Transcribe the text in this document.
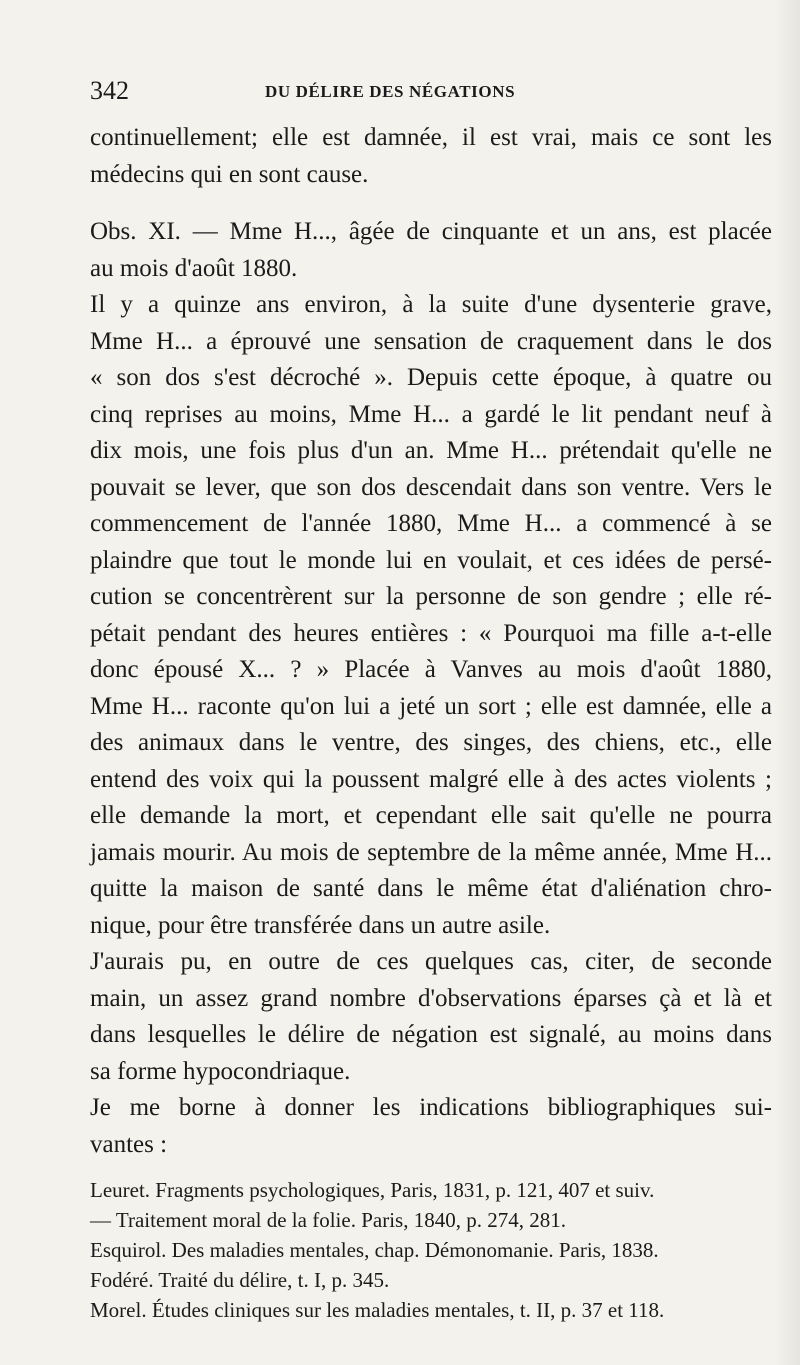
342	DU DÉLIRE DES NÉGATIONS
continuellement; elle est damnée, il est vrai, mais ce sont les
médecins qui en sont cause.
Obs. XI. — Mme H..., âgée de cinquante et un ans, est placée
au mois d'août 1880.
Il y a quinze ans environ, à la suite d'une dysenterie grave,
Mme H... a éprouvé une sensation de craquement dans le dos
« son dos s'est décroché ». Depuis cette époque, à quatre ou
cinq reprises au moins, Mme H... a gardé le lit pendant neuf à
dix mois, une fois plus d'un an. Mme H... prétendait qu'elle ne
pouvait se lever, que son dos descendait dans son ventre. Vers le
commencement de l'année 1880, Mme H... a commencé à se
plaindre que tout le monde lui en voulait, et ces idées de persé-
cution se concentrèrent sur la personne de son gendre ; elle ré-
pétait pendant des heures entières : « Pourquoi ma fille a-t-elle
donc épousé X... ? » Placée à Vanves au mois d'août 1880,
Mme H... raconte qu'on lui a jeté un sort ; elle est damnée, elle a
des animaux dans le ventre, des singes, des chiens, etc., elle
entend des voix qui la poussent malgré elle à des actes violents ;
elle demande la mort, et cependant elle sait qu'elle ne pourra
jamais mourir. Au mois de septembre de la même année, Mme H...
quitte la maison de santé dans le même état d'aliénation chro-
nique, pour être transférée dans un autre asile.
J'aurais pu, en outre de ces quelques cas, citer, de seconde
main, un assez grand nombre d'observations éparses çà et là et
dans lesquelles le délire de négation est signalé, au moins dans
sa forme hypocondriaque.
Je me borne à donner les indications bibliographiques sui-
vantes :
Leuret. Fragments psychologiques, Paris, 1831, p. 121, 407 et suiv.
— Traitement moral de la folie. Paris, 1840, p. 274, 281.
Esquirol. Des maladies mentales, chap. Démonomanie. Paris, 1838.
Fodéré. Traité du délire, t. I, p. 345.
Morel. Études cliniques sur les maladies mentales, t. II, p. 37 et 118.
